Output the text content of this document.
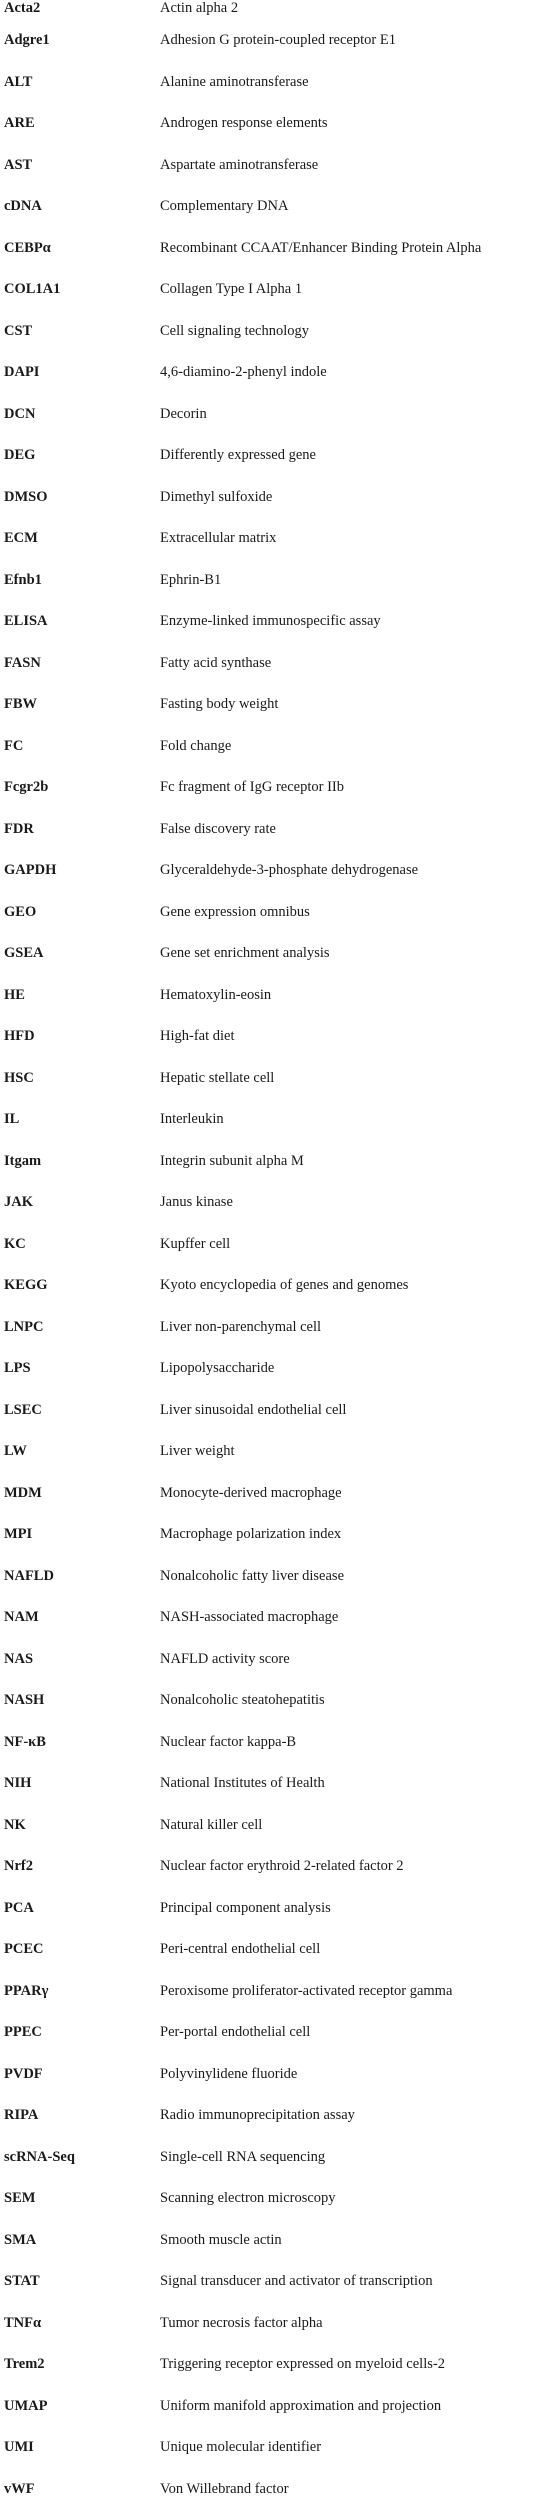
Acta2	Actin alpha 2
Adgre1	Adhesion G protein-coupled receptor E1
ALT	Alanine aminotransferase
ARE	Androgen response elements
AST	Aspartate aminotransferase
cDNA	Complementary DNA
CEBPα	Recombinant CCAAT/Enhancer Binding Protein Alpha
COL1A1	Collagen Type I Alpha 1
CST	Cell signaling technology
DAPI	4,6-diamino-2-phenyl indole
DCN	Decorin
DEG	Differently expressed gene
DMSO	Dimethyl sulfoxide
ECM	Extracellular matrix
Efnb1	Ephrin-B1
ELISA	Enzyme-linked immunospecific assay
FASN	Fatty acid synthase
FBW	Fasting body weight
FC	Fold change
Fcgr2b	Fc fragment of IgG receptor IIb
FDR	False discovery rate
GAPDH	Glyceraldehyde-3-phosphate dehydrogenase
GEO	Gene expression omnibus
GSEA	Gene set enrichment analysis
HE	Hematoxylin-eosin
HFD	High-fat diet
HSC	Hepatic stellate cell
IL	Interleukin
Itgam	Integrin subunit alpha M
JAK	Janus kinase
KC	Kupffer cell
KEGG	Kyoto encyclopedia of genes and genomes
LNPC	Liver non-parenchymal cell
LPS	Lipopolysaccharide
LSEC	Liver sinusoidal endothelial cell
LW	Liver weight
MDM	Monocyte-derived macrophage
MPI	Macrophage polarization index
NAFLD	Nonalcoholic fatty liver disease
NAM	NASH-associated macrophage
NAS	NAFLD activity score
NASH	Nonalcoholic steatohepatitis
NF-κB	Nuclear factor kappa-B
NIH	National Institutes of Health
NK	Natural killer cell
Nrf2	Nuclear factor erythroid 2-related factor 2
PCA	Principal component analysis
PCEC	Peri-central endothelial cell
PPARγ	Peroxisome proliferator-activated receptor gamma
PPEC	Per-portal endothelial cell
PVDF	Polyvinylidene fluoride
RIPA	Radio immunoprecipitation assay
scRNA-Seq	Single-cell RNA sequencing
SEM	Scanning electron microscopy
SMA	Smooth muscle actin
STAT	Signal transducer and activator of transcription
TNFα	Tumor necrosis factor alpha
Trem2	Triggering receptor expressed on myeloid cells-2
UMAP	Uniform manifold approximation and projection
UMI	Unique molecular identifier
vWF	Von Willebrand factor
